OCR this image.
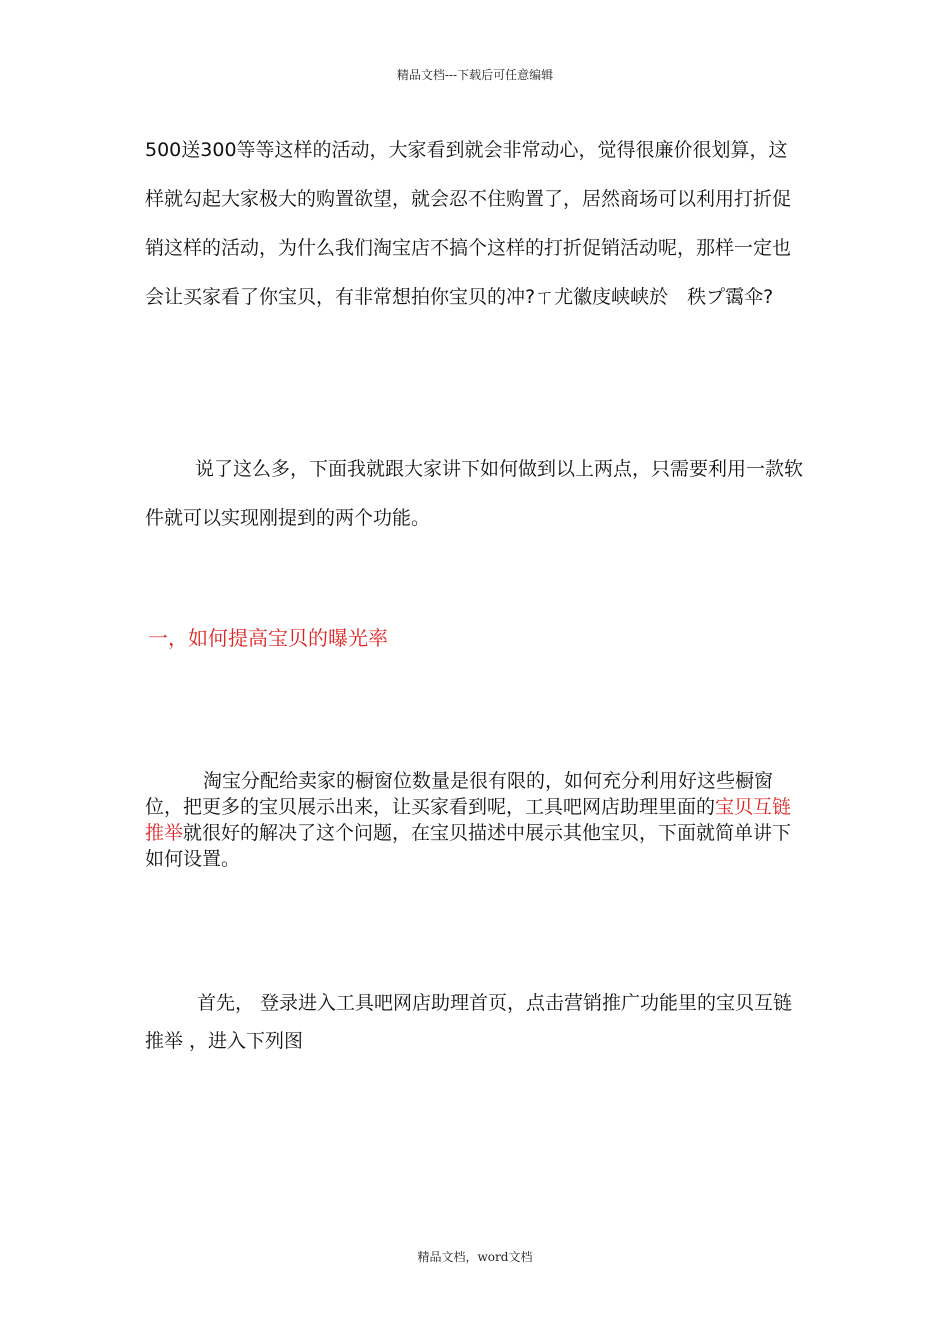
精品文档---下载后可任意编辑

500送300等等这样的活动，大家看到就会非常动心，觉得很廉价很划算，这样就勾起大家极大的购置欲望，就会忍不住购置了，居然商场可以利用打折促销这样的活动，为什么我们淘宝店不搞个这样的打折促销活动呢，那样一定也会让买家看了你宝贝，有非常想拍你宝贝的冲?ㄒ尤徽庋峡峡於　秩プ霭伞?

说了这么多，下面我就跟大家讲下如何做到以上两点，只需要利用一款软件就可以实现刚提到的两个功能。

一，如何提高宝贝的曝光率

淘宝分配给卖家的橱窗位数量是很有限的，如何充分利用好这些橱窗位，把更多的宝贝展示出来，让买家看到呢，工具吧网店助理里面的宝贝互链推举就很好的解决了这个问题，在宝贝描述中展示其他宝贝，下面就简单讲下如何设置。

首先， 登录进入工具吧网店助理首页，点击营销推广功能里的宝贝互链推举 ，进入下列图

精品文档，word文档
